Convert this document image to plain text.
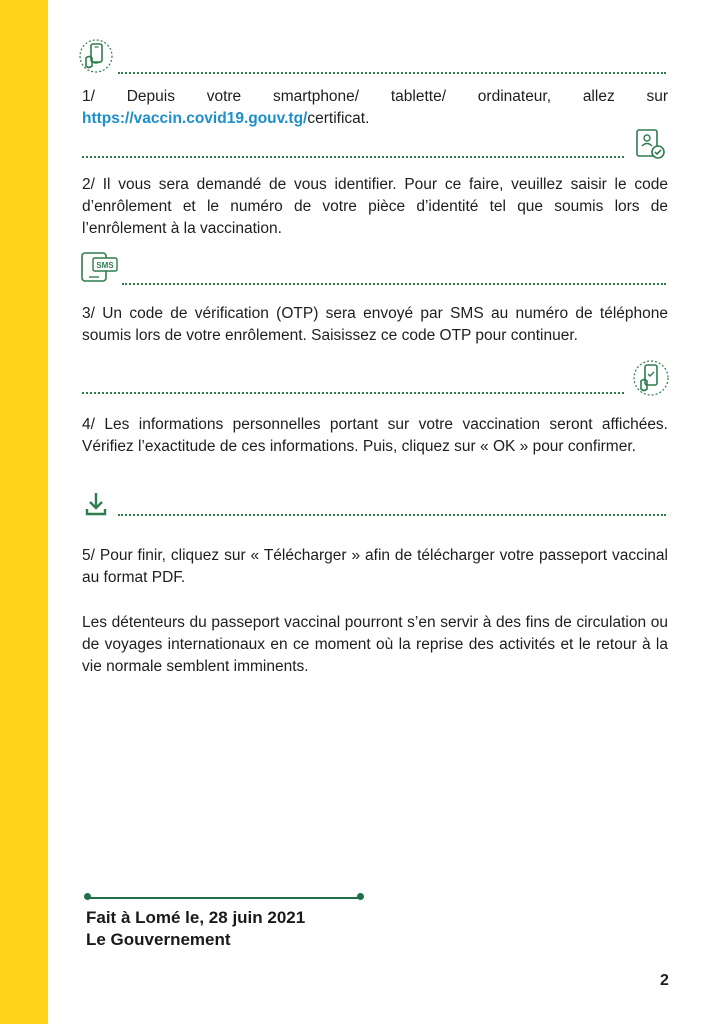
1/ Depuis votre smartphone/ tablette/ ordinateur, allez sur https://vaccin.covid19.gouv.tg/certificat.

2/ Il vous sera demandé de vous identifier. Pour ce faire, veuillez saisir le code d’enrôlement et le numéro de votre pièce d’identité tel que soumis lors de l’enrôlement à la vaccination.

SMS

3/ Un code de vérification (OTP) sera envoyé par SMS au numéro de téléphone soumis lors de votre enrôlement. Saisissez ce code OTP pour continuer.

4/ Les informations personnelles portant sur votre vaccination seront affichées. Vérifiez l’exactitude de ces informations. Puis, cliquez sur « OK » pour confirmer.

5/ Pour finir, cliquez sur « Télécharger » afin de télécharger votre passeport vaccinal au format PDF.

Les détenteurs du passeport vaccinal pourront s’en servir à des fins de circulation ou de voyages internationaux en ce moment où la reprise des activités et le retour à la vie normale semblent imminents.

Fait à Lomé le, 28 juin 2021
Le Gouvernement
2
